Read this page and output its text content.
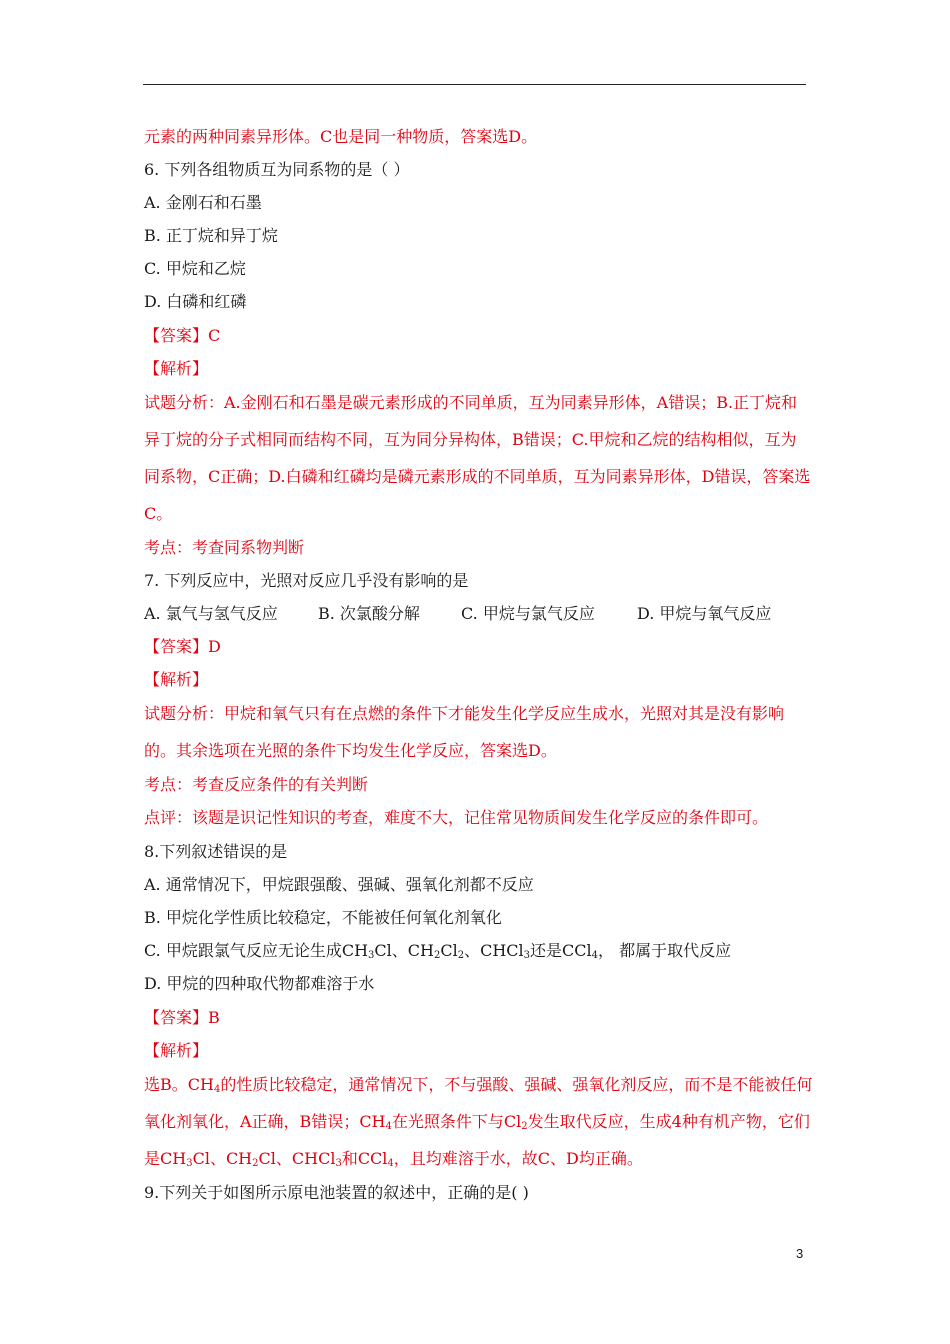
元素的两种同素异形体。C也是同一种物质，答案选D。
6. 下列各组物质互为同系物的是（ ）
A. 金刚石和石墨
B. 正丁烷和异丁烷
C. 甲烷和乙烷
D. 白磷和红磷
【答案】C
【解析】
试题分析：A.金刚石和石墨是碳元素形成的不同单质，互为同素异形体，A错误；B.正丁烷和
异丁烷的分子式相同而结构不同，互为同分异构体，B错误；C.甲烷和乙烷的结构相似，互为
同系物，C正确；D.白磷和红磷均是磷元素形成的不同单质，互为同素异形体，D错误，答案选
C。
考点：考查同系物判断
7. 下列反应中，光照对反应几乎没有影响的是
A. 氯气与氢气反应	B. 次氯酸分解	C. 甲烷与氯气反应	D. 甲烷与氧气反应
【答案】D
【解析】
试题分析：甲烷和氧气只有在点燃的条件下才能发生化学反应生成水，光照对其是没有影响
的。其余选项在光照的条件下均发生化学反应，答案选D。
考点：考查反应条件的有关判断
点评：该题是识记性知识的考查，难度不大，记住常见物质间发生化学反应的条件即可。
8.下列叙述错误的是
A. 通常情况下，甲烷跟强酸、强碱、强氧化剂都不反应
B. 甲烷化学性质比较稳定，不能被任何氧化剂氧化
C. 甲烷跟氯气反应无论生成$CH_3Cl$、$CH_2Cl_2$、CHCl$_3$还是CCl$_4$， 都属于取代反应
D. 甲烷的四种取代物都难溶于水
【答案】B
【解析】
选B。$CH_4$的性质比较稳定，通常情况下，不与强酸、强碱、强氧化剂反应，而不是不能被任何
氧化剂氧化，A正确，B错误；$CH_4$在光照条件下与$Cl_2$发生取代反应，生成4种有机产物，它们
是$CH_3Cl$、$CH_2Cl$、CHCl$_3$和CCl$_4$，且均难溶于水，故C、D均正确。
9.下列关于如图所示原电池装置的叙述中，正确的是( )
3
